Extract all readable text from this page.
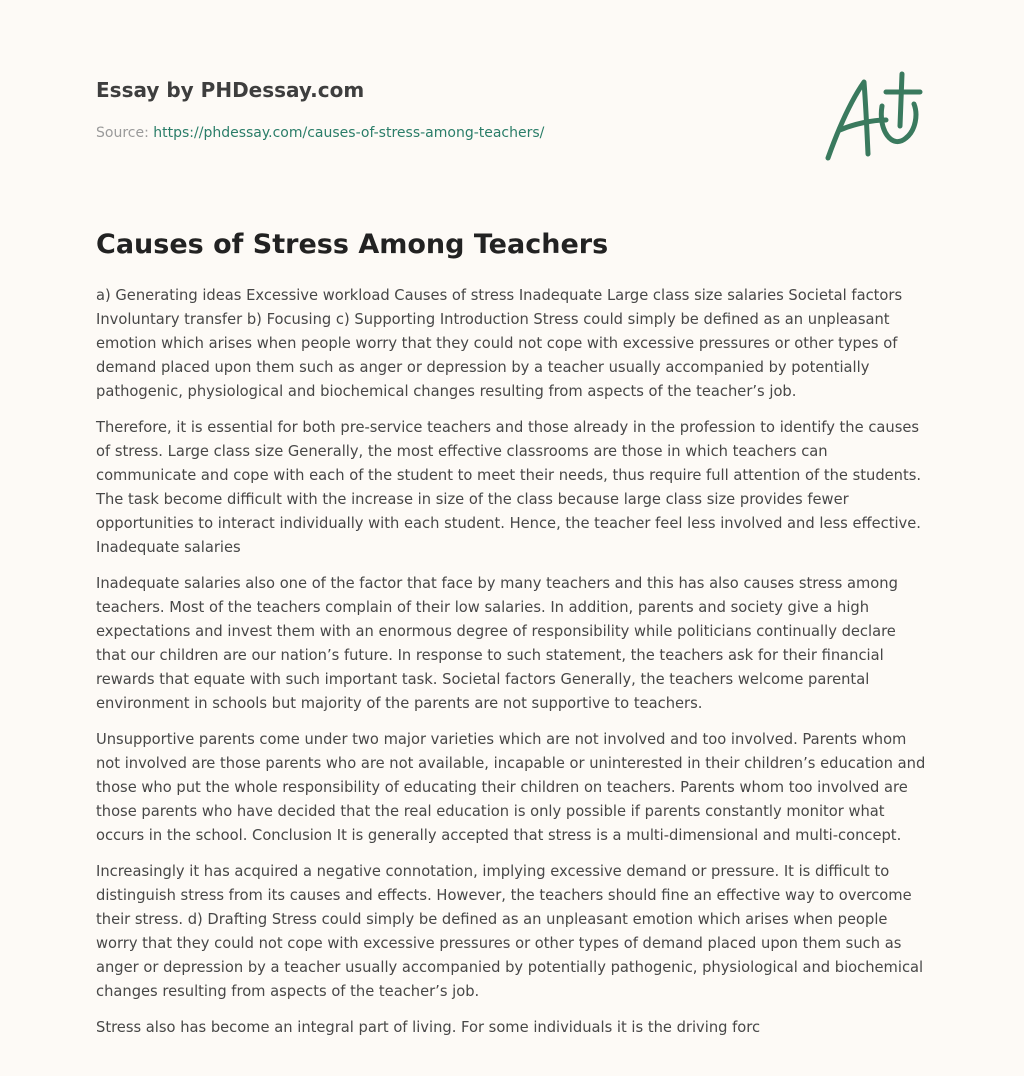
Essay by PHDessay.com
Source: https://phdessay.com/causes-of-stress-among-teachers/
Causes of Stress Among Teachers

a) Generating ideas Excessive workload Causes of stress Inadequate Large class size salaries Societal factors Involuntary transfer b) Focusing c) Supporting Introduction Stress could simply be defined as an unpleasant emotion which arises when people worry that they could not cope with excessive pressures or other types of demand placed upon them such as anger or depression by a teacher usually accompanied by potentially pathogenic, physiological and biochemical changes resulting from aspects of the teacher’s job.

Therefore, it is essential for both pre-service teachers and those already in the profession to identify the causes of stress. Large class size Generally, the most effective classrooms are those in which teachers can communicate and cope with each of the student to meet their needs, thus require full attention of the students. The task become difficult with the increase in size of the class because large class size provides fewer opportunities to interact individually with each student. Hence, the teacher feel less involved and less effective. Inadequate salaries

Inadequate salaries also one of the factor that face by many teachers and this has also causes stress among teachers. Most of the teachers complain of their low salaries. In addition, parents and society give a high expectations and invest them with an enormous degree of responsibility while politicians continually declare that our children are our nation’s future. In response to such statement, the teachers ask for their financial rewards that equate with such important task. Societal factors Generally, the teachers welcome parental environment in schools but majority of the parents are not supportive to teachers.

Unsupportive parents come under two major varieties which are not involved and too involved. Parents whom not involved are those parents who are not available, incapable or uninterested in their children’s education and those who put the whole responsibility of educating their children on teachers. Parents whom too involved are those parents who have decided that the real education is only possible if parents constantly monitor what occurs in the school. Conclusion It is generally accepted that stress is a multi-dimensional and multi-concept.

Increasingly it has acquired a negative connotation, implying excessive demand or pressure. It is difficult to distinguish stress from its causes and effects. However, the teachers should fine an effective way to overcome their stress. d) Drafting Stress could simply be defined as an unpleasant emotion which arises when people worry that they could not cope with excessive pressures or other types of demand placed upon them such as anger or depression by a teacher usually accompanied by potentially pathogenic, physiological and biochemical changes resulting from aspects of the teacher’s job.

Stress also has become an integral part of living. For some individuals it is the driving forc
